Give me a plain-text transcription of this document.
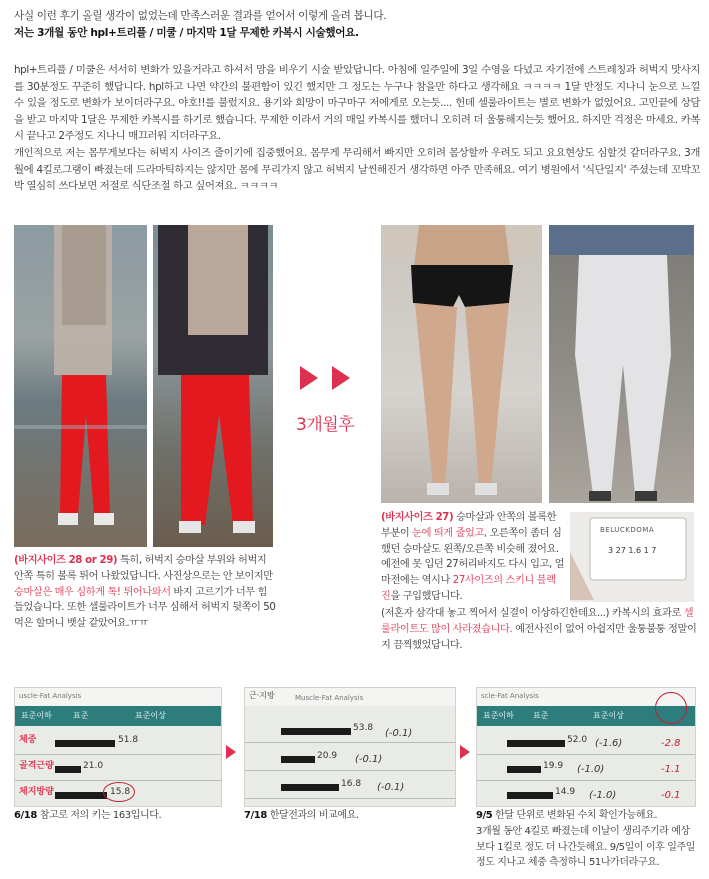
사실 이런 후기 올릴 생각이 없었는데 만족스러운 결과를 얻어서 이렇게 올려 봅니다.

저는 3개월 동안 hpl+트리플 / 미쿨 / 마지막 1달 무제한 카복시 시술했어요.

hpl+트리플 / 미쿨은 서서히 변화가 있을거라고 하셔서 맘을 비우기 시술 받았답니다. 아침에 일주일에 3일 수영을 다녔고 자기전에 스트레칭과 허벅지 맛사지를 30분정도 꾸준히 했답니다. hpl하고 나면 약간의 불편함이 있긴 했지만 그 정도는 누구나 참을만 하다고 생각해요 ㅋㅋㅋㅋ 1달 반정도 지나니 눈으로 느낄 수 있을 정도로 변화가 보이더라구요. 야호!!를 불렀지요. 용기와 희망이 마구마구 저에게로 오는듯.... 헌데 셀룰라이트는 별로 변화가 없었어요. 고민끝에 상담을 받고 마지막 1달은 무제한 카복시를 하기로 했습니다. 무제한 이라서 거의 매일 카복시를 했더니 오히려 더 울퉁해지는듯 했어요. 하지만 걱정은 마세요. 카복시 끝나고 2주정도 지나니 매끄러워 지더라구요.

개인적으로 저는 몸무게보다는 허벅지 사이즈 줄이기에 집중했어요. 몸무게 무리해서 빠지만 오히려 몸상할까 우려도 되고 요요현상도 심할것 같더라구요. 3개월에 4킬로그램이 빠졌는데 드라마틱하지는 않지만 몸에 무리가지 않고 허벅지 날씬해진거 생각하면 아주 만족해요. 여기 병원에서 '식단일지' 주셨는데 꼬박꼬박 열심히 쓰다보면 저절로 식단조절 하고 싶어져요. ㅋㅋㅋㅋ

3개월후
(바지사이즈 28 or 29) 특히, 허벅지 승마살 부위와 허벅지 안쪽 특히 볼록 튀어 나왔었답니다. 사진상으로는 안 보이지만 승마살은 매우 심하게 톡! 튀어나와서 바지 고르기가 너무 힘들었습니다. 또한 셀룰라이트가 너무 심해서 허벅지 뒷쪽이 50먹은 할머니 뱃살 같았어요.ㅠㅠ
(바지사이즈 27) 승마살과 안쪽의 볼록한 부분이 눈에 띄게 줄었고, 오른쪽이 좀더 심했던 승마살도 왼쪽/오른쪽 비슷해 졌어요. 예전에 못 입던 27허리바지도 다시 입고, 얼마전에는 역시나 27사이즈의 스키니 블랙진을 구입했답니다.
(저혼자 삼각대 놓고 찍어서 실결이 이상하긴한데요...) 카복시의 효과로 셀룰라이트도 많이 사라졌습니다. 예전사진이 없어 아쉽지만 울퉁불퉁 정말이지 끔찍했었답니다.
BELUCKDOMA
3 27 1.6 1 7
uscle-Fat Analysis
표준이하	표준	표준이상
체중	51.8
골격근량	21.0
체지방량	15.8
6/18 참고로 저의 키는 163입니다.
근·지방	Muscle-Fat Analysis
53.8 (-0.1)
20.9 (-0.1)
16.8 (-0.1)
7/18 한달전과의 비교예요.
scle-Fat Analysis
표준이하 표준	표준이상
52.0 (-1.6)	-2.8
19.9 (-1.0)	-1.1
14.9 (-1.0)	-0.1
9/5 한달 단위로 변화된 수치 확인가능해요.
3개월 동안 4킬로 빠졌는데 이날이 생리주기라 예상보다 1킬로 정도 더 나간듯해요. 9/5일이 이후 일주일 정도 지나고 체중 측정하니 51나가더라구요.
